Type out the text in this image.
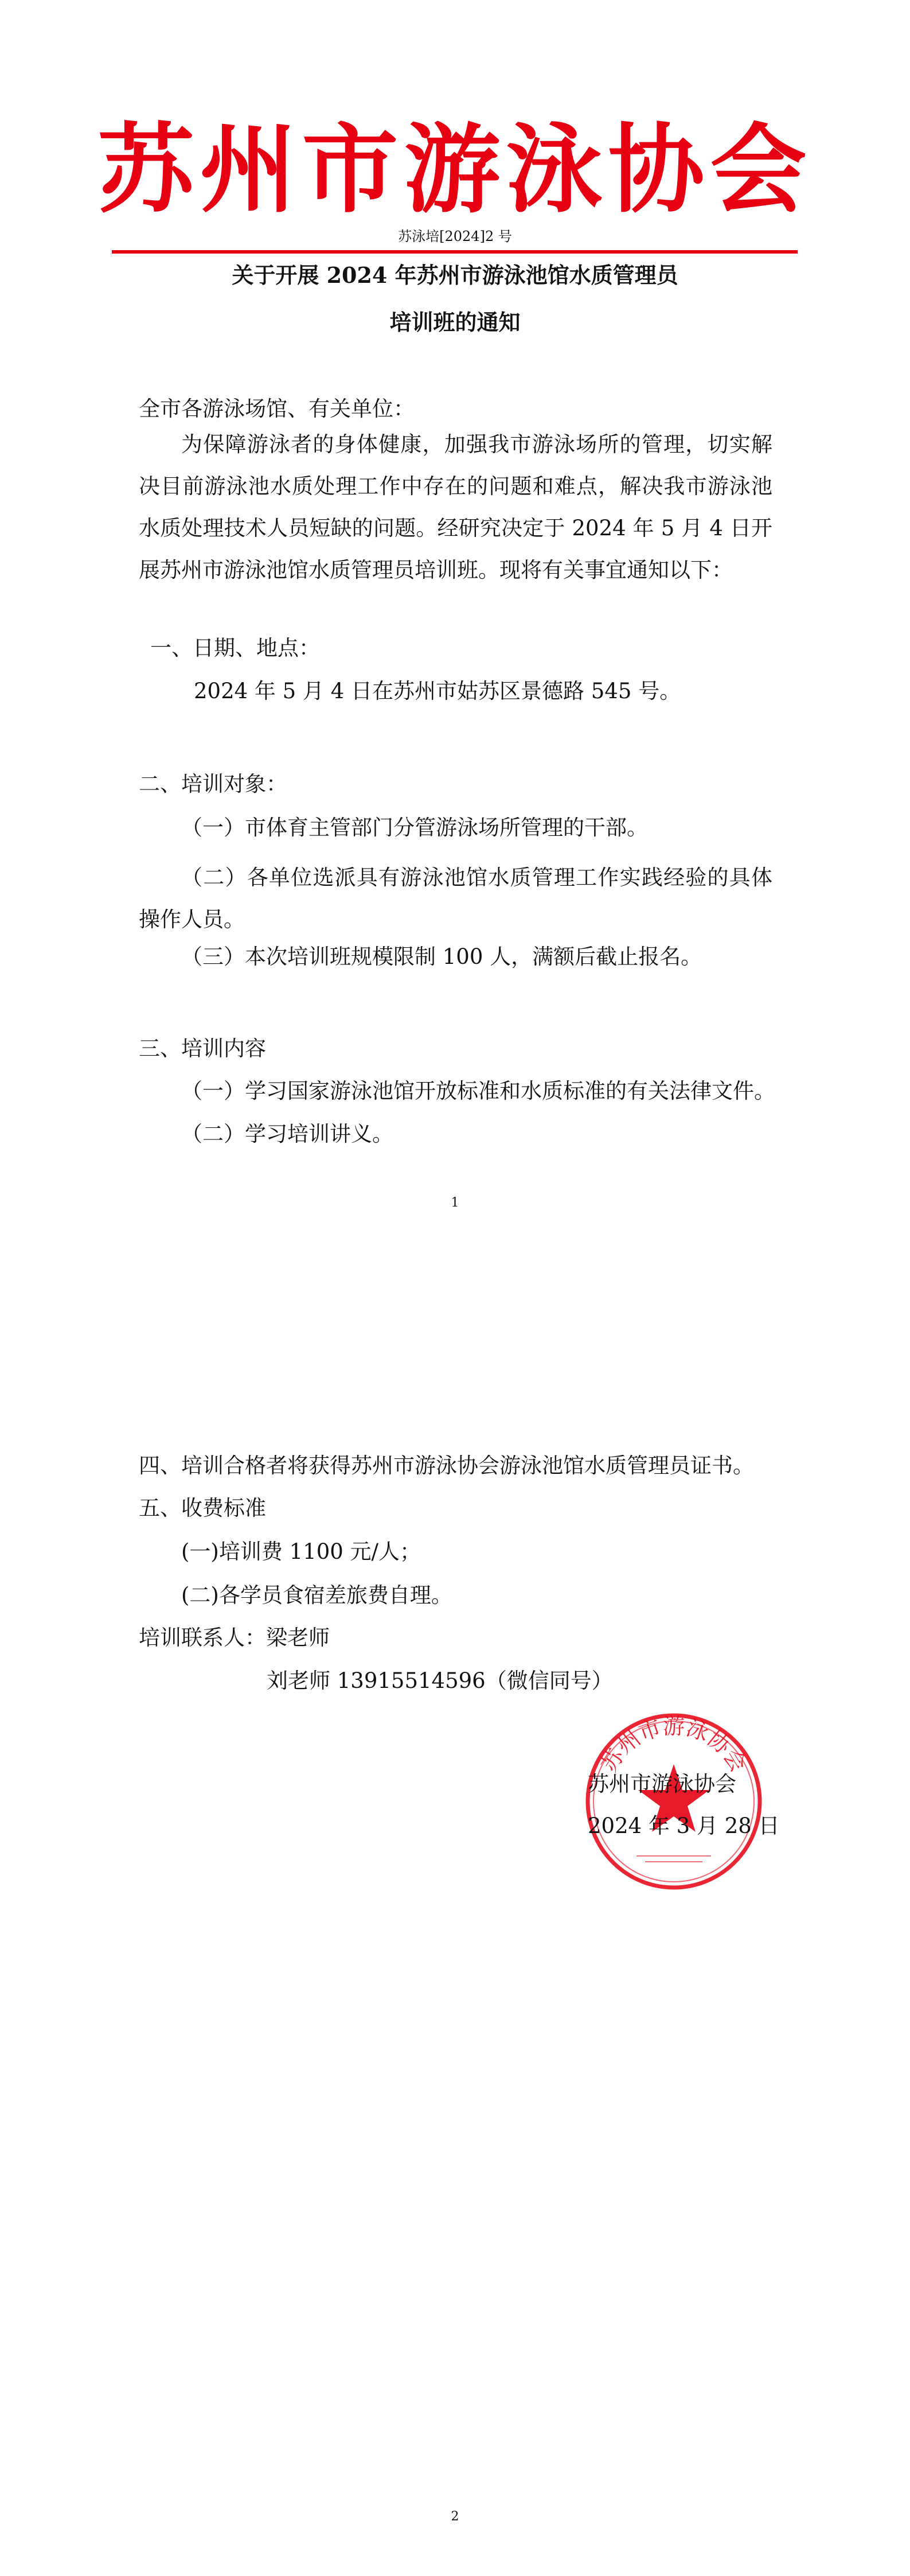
苏州市游泳协会
苏泳培[2024]2 号
关于开展 2024 年苏州市游泳池馆水质管理员
培训班的通知
全市各游泳场馆、有关单位：
为保障游泳者的身体健康，加强我市游泳场所的管理，切实解决目前游泳池水质处理工作中存在的问题和难点，解决我市游泳池水质处理技术人员短缺的问题。经研究决定于 2024 年 5 月 4 日开展苏州市游泳池馆水质管理员培训班。现将有关事宜通知以下：
一、日期、地点：
2024 年 5 月 4 日在苏州市姑苏区景德路 545 号。
二、培训对象：
（一）市体育主管部门分管游泳场所管理的干部。
（二）各单位选派具有游泳池馆水质管理工作实践经验的具体操作人员。
（三）本次培训班规模限制 100 人，满额后截止报名。
三、培训内容
（一）学习国家游泳池馆开放标准和水质标准的有关法律文件。
（二）学习培训讲义。
1
四、培训合格者将获得苏州市游泳协会游泳池馆水质管理员证书。
五、收费标准
(一)培训费 1100 元/人；
(二)各学员食宿差旅费自理。
培训联系人：梁老师
刘老师 13915514596（微信同号）
苏州市游泳协会
苏州市游泳协会
2024 年 3 月 28 日
2
